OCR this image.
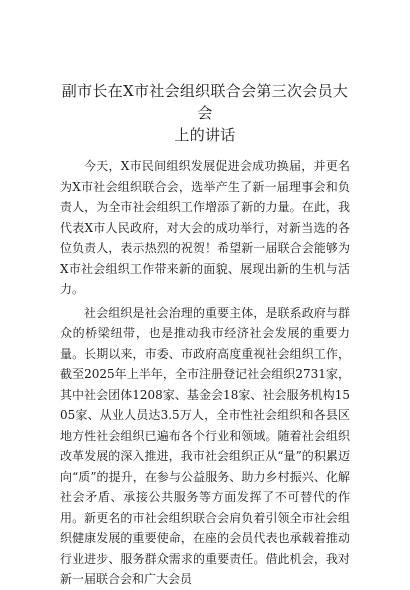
副市长在X市社会组织联合会第三次会员大会
上的讲话

今天，X市民间组织发展促进会成功换届，并更名为X市社会组织联合会，选举产生了新一届理事会和负责人，为全市社会组织工作增添了新的力量。在此，我代表X市人民政府，对大会的成功举行，对新当选的各位负责人，表示热烈的祝贺！希望新一届联合会能够为X市社会组织工作带来新的面貌、展现出新的生机与活力。

社会组织是社会治理的重要主体，是联系政府与群众的桥梁纽带，也是推动我市经济社会发展的重要力量。长期以来，市委、市政府高度重视社会组织工作，截至2025年上半年，全市注册登记社会组织2731家，其中社会团体1208家、基金会18家、社会服务机构1505家、从业人员达3.5万人，全市性社会组织和各县区地方性社会组织已遍布各个行业和领域。随着社会组织改革发展的深入推进，我市社会组织正从“量”的积累迈向“质”的提升，在参与公益服务、助力乡村振兴、化解社会矛盾、承接公共服务等方面发挥了不可替代的作用。新更名的市社会组织联合会肩负着引领全市社会组织健康发展的重要使命，在座的会员代表也承载着推动行业进步、服务群众需求的重要责任。借此机会，我对新一届联合会和广大会员
